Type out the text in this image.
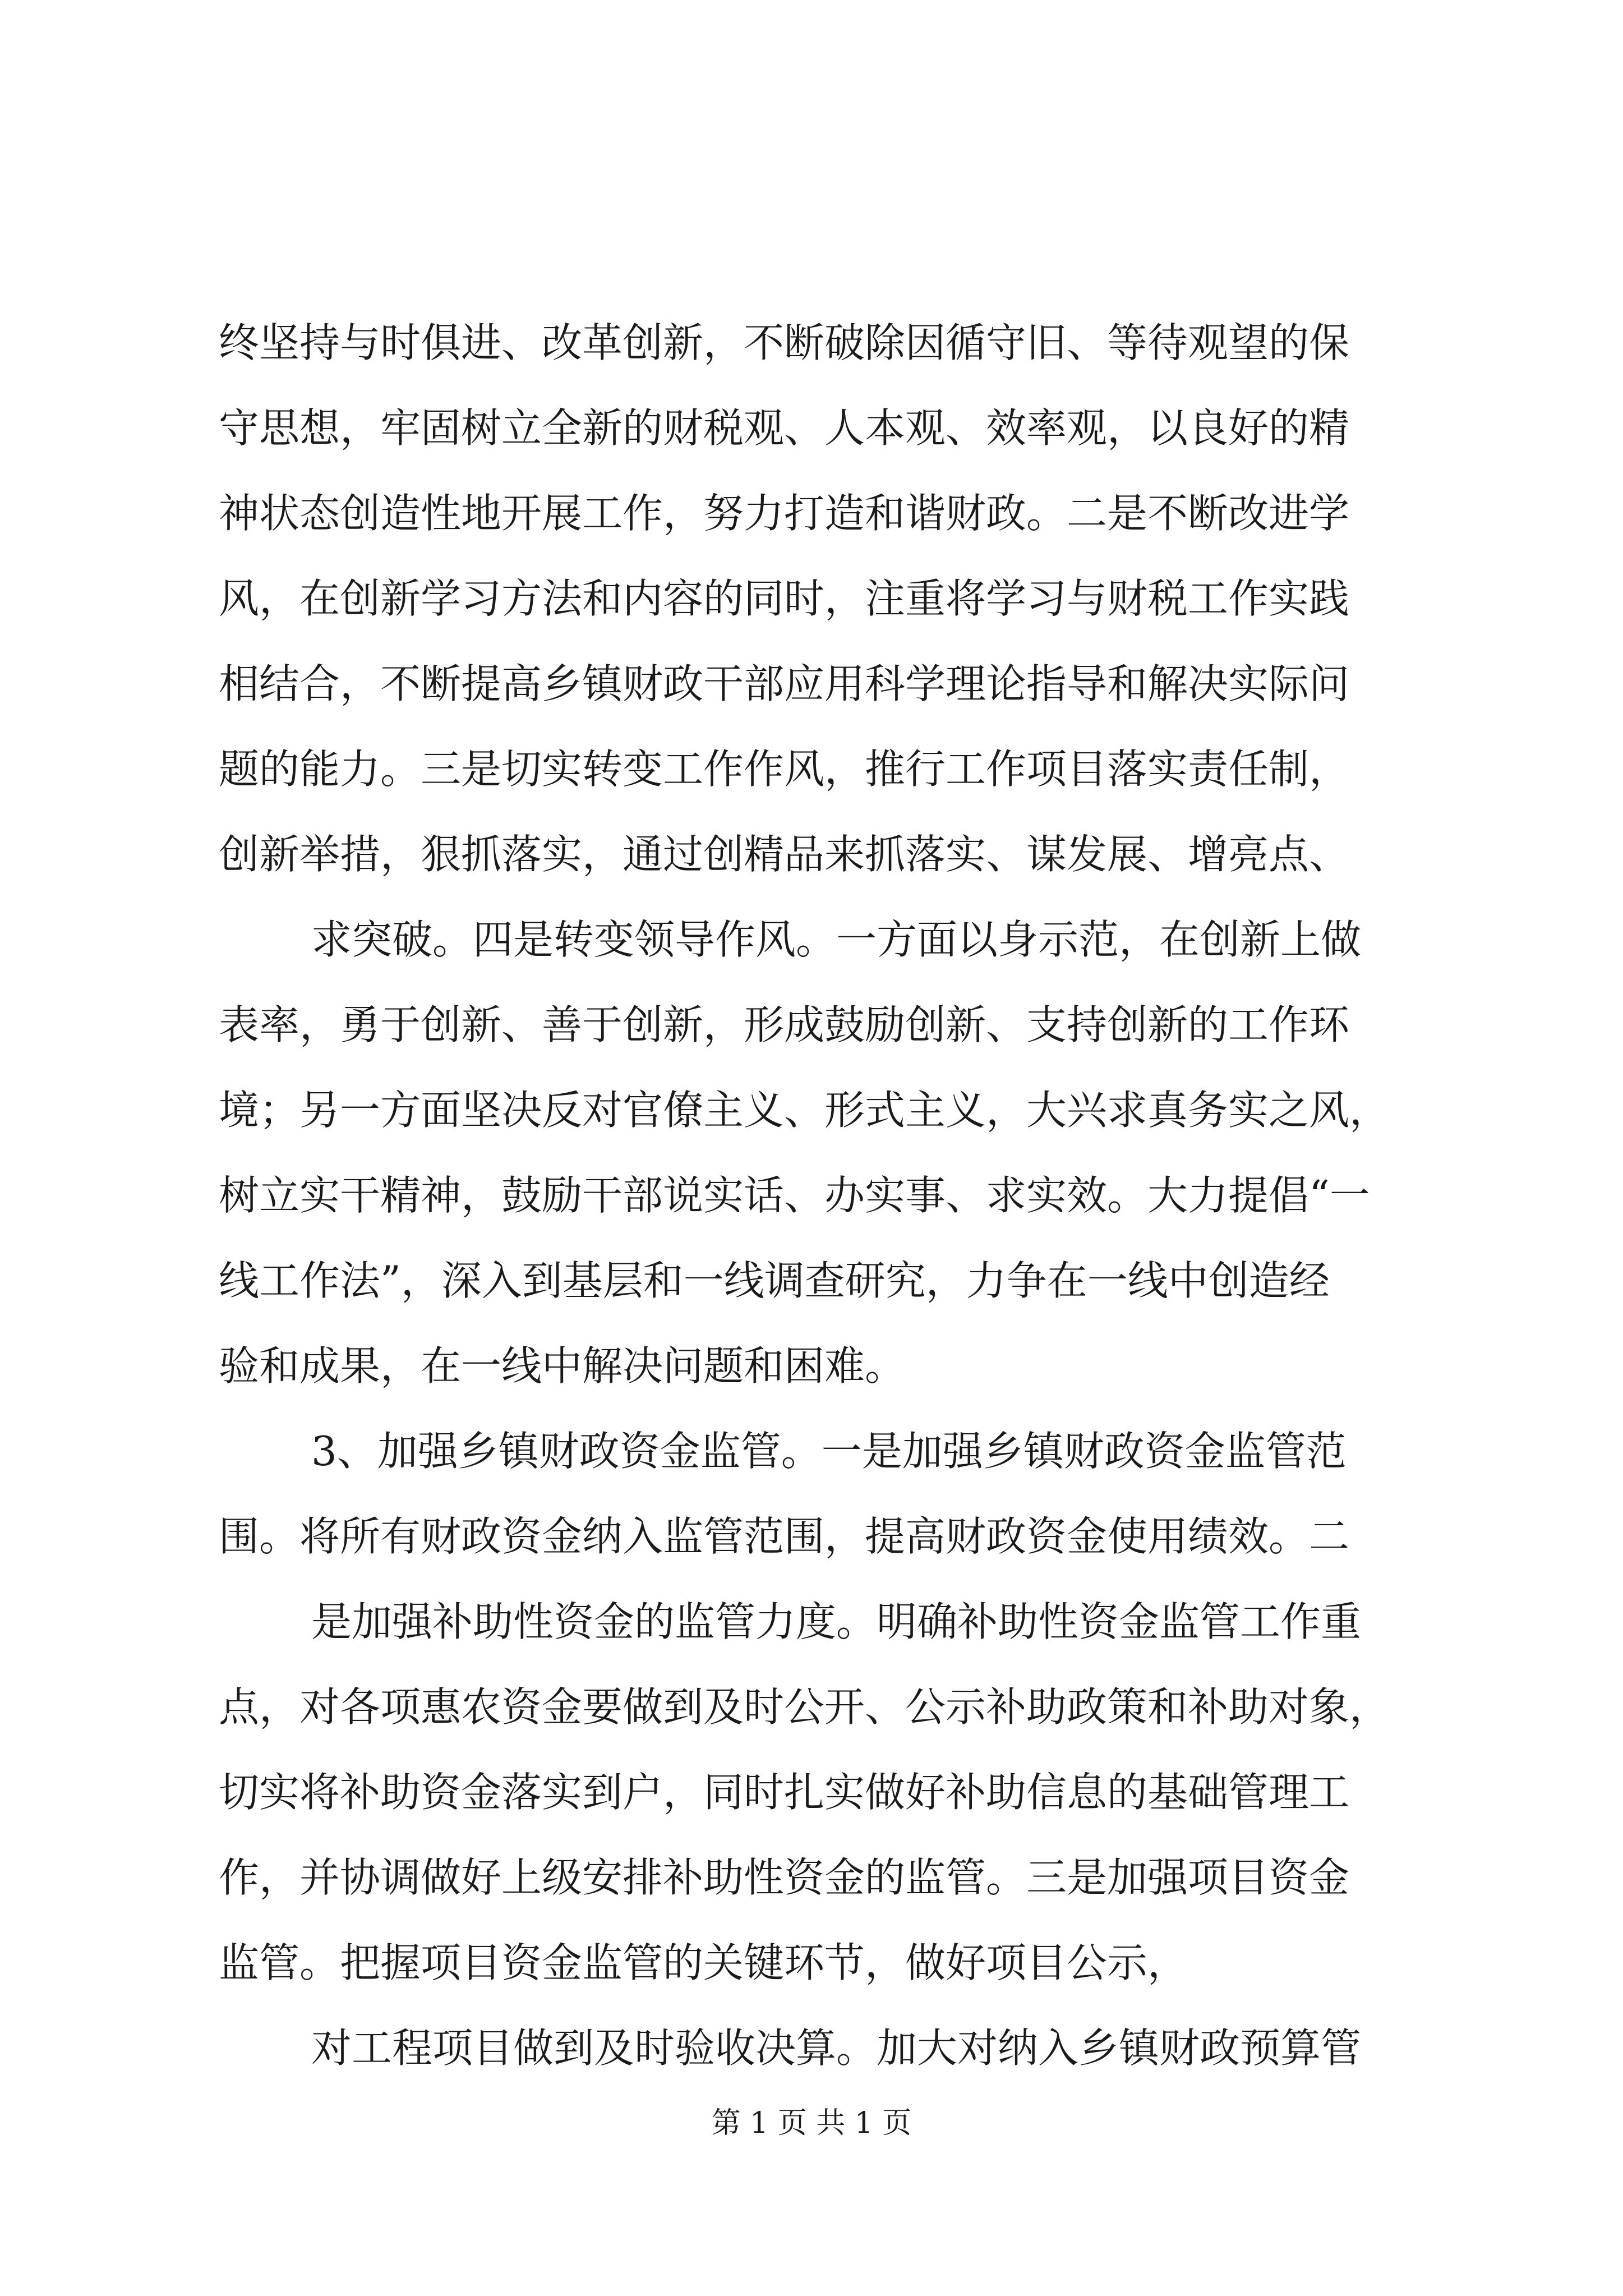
终坚持与时俱进、改革创新，不断破除因循守旧、等待观望的保
守思想，牢固树立全新的财税观、人本观、效率观，以良好的精
神状态创造性地开展工作，努力打造和谐财政。二是不断改进学
风，在创新学习方法和内容的同时，注重将学习与财税工作实践
相结合，不断提高乡镇财政干部应用科学理论指导和解决实际问
题的能力。三是切实转变工作作风，推行工作项目落实责任制，
创新举措，狠抓落实，通过创精品来抓落实、谋发展、增亮点、
求突破。四是转变领导作风。一方面以身示范，在创新上做
表率，勇于创新、善于创新，形成鼓励创新、支持创新的工作环
境；另一方面坚决反对官僚主义、形式主义，大兴求真务实之风，
树立实干精神，鼓励干部说实话、办实事、求实效。大力提倡“一
线工作法”，深入到基层和一线调查研究，力争在一线中创造经
验和成果，在一线中解决问题和困难。
3、加强乡镇财政资金监管。一是加强乡镇财政资金监管范
围。将所有财政资金纳入监管范围，提高财政资金使用绩效。二
是加强补助性资金的监管力度。明确补助性资金监管工作重
点，对各项惠农资金要做到及时公开、公示补助政策和补助对象，
切实将补助资金落实到户，同时扎实做好补助信息的基础管理工
作，并协调做好上级安排补助性资金的监管。三是加强项目资金
监管。把握项目资金监管的关键环节，做好项目公示，
对工程项目做到及时验收决算。加大对纳入乡镇财政预算管
第 1 页 共 1 页
